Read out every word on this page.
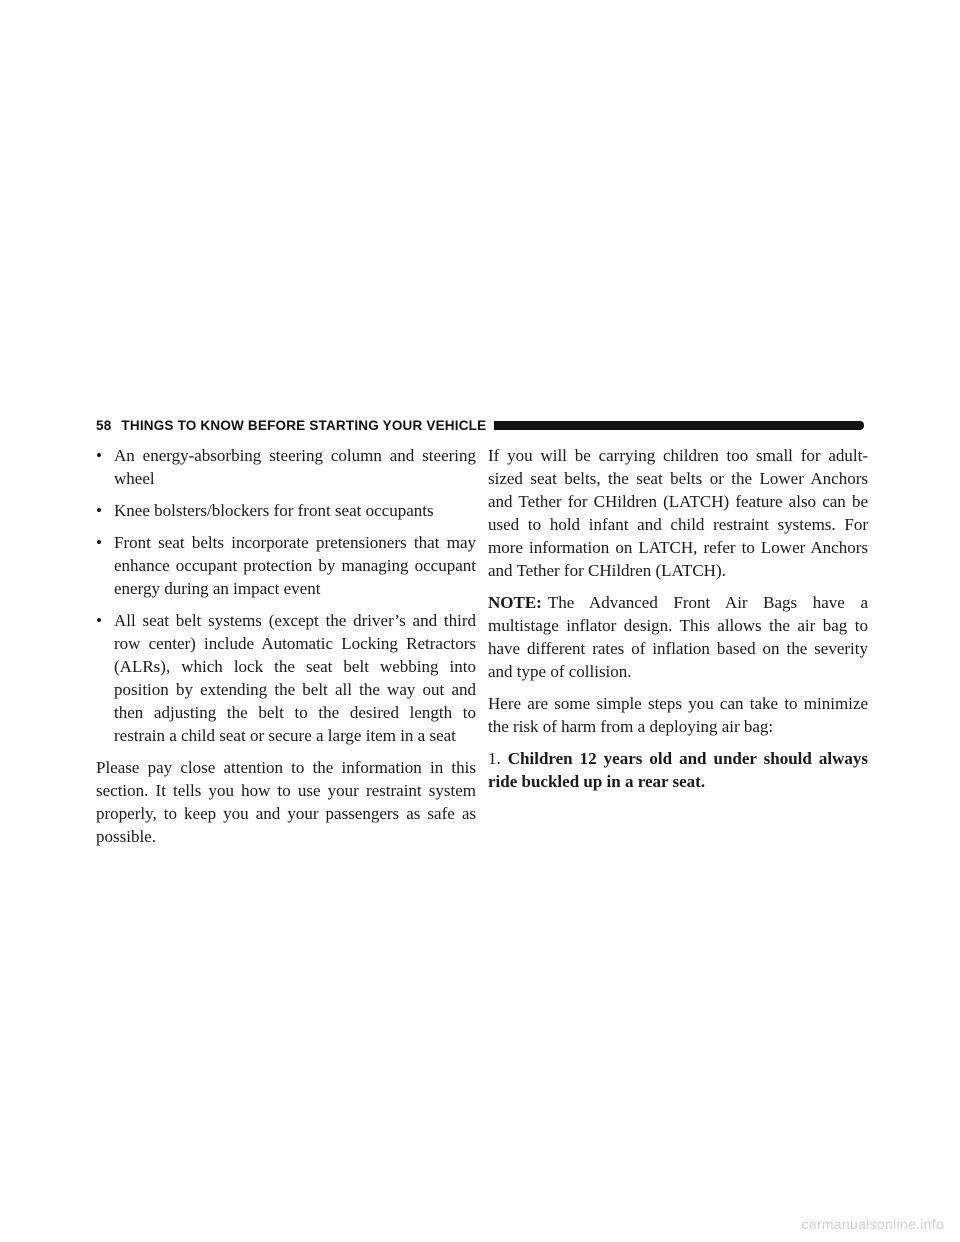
58 THINGS TO KNOW BEFORE STARTING YOUR VEHICLE
• An energy-absorbing steering column and steering wheel
• Knee bolsters/blockers for front seat occupants
• Front seat belts incorporate pretensioners that may enhance occupant protection by managing occupant energy during an impact event
• All seat belt systems (except the driver’s and third row center) include Automatic Locking Retractors (ALRs), which lock the seat belt webbing into position by extending the belt all the way out and then adjusting the belt to the desired length to restrain a child seat or secure a large item in a seat

Please pay close attention to the information in this section. It tells you how to use your restraint system properly, to keep you and your passengers as safe as possible.

If you will be carrying children too small for adult-sized seat belts, the seat belts or the Lower Anchors and Tether for CHildren (LATCH) feature also can be used to hold infant and child restraint systems. For more information on LATCH, refer to Lower Anchors and Tether for CHildren (LATCH).

NOTE: The Advanced Front Air Bags have a multistage inflator design. This allows the air bag to have different rates of inflation based on the severity and type of collision.

Here are some simple steps you can take to minimize the risk of harm from a deploying air bag:

1. Children 12 years old and under should always ride buckled up in a rear seat.

carmanualsonline.info
